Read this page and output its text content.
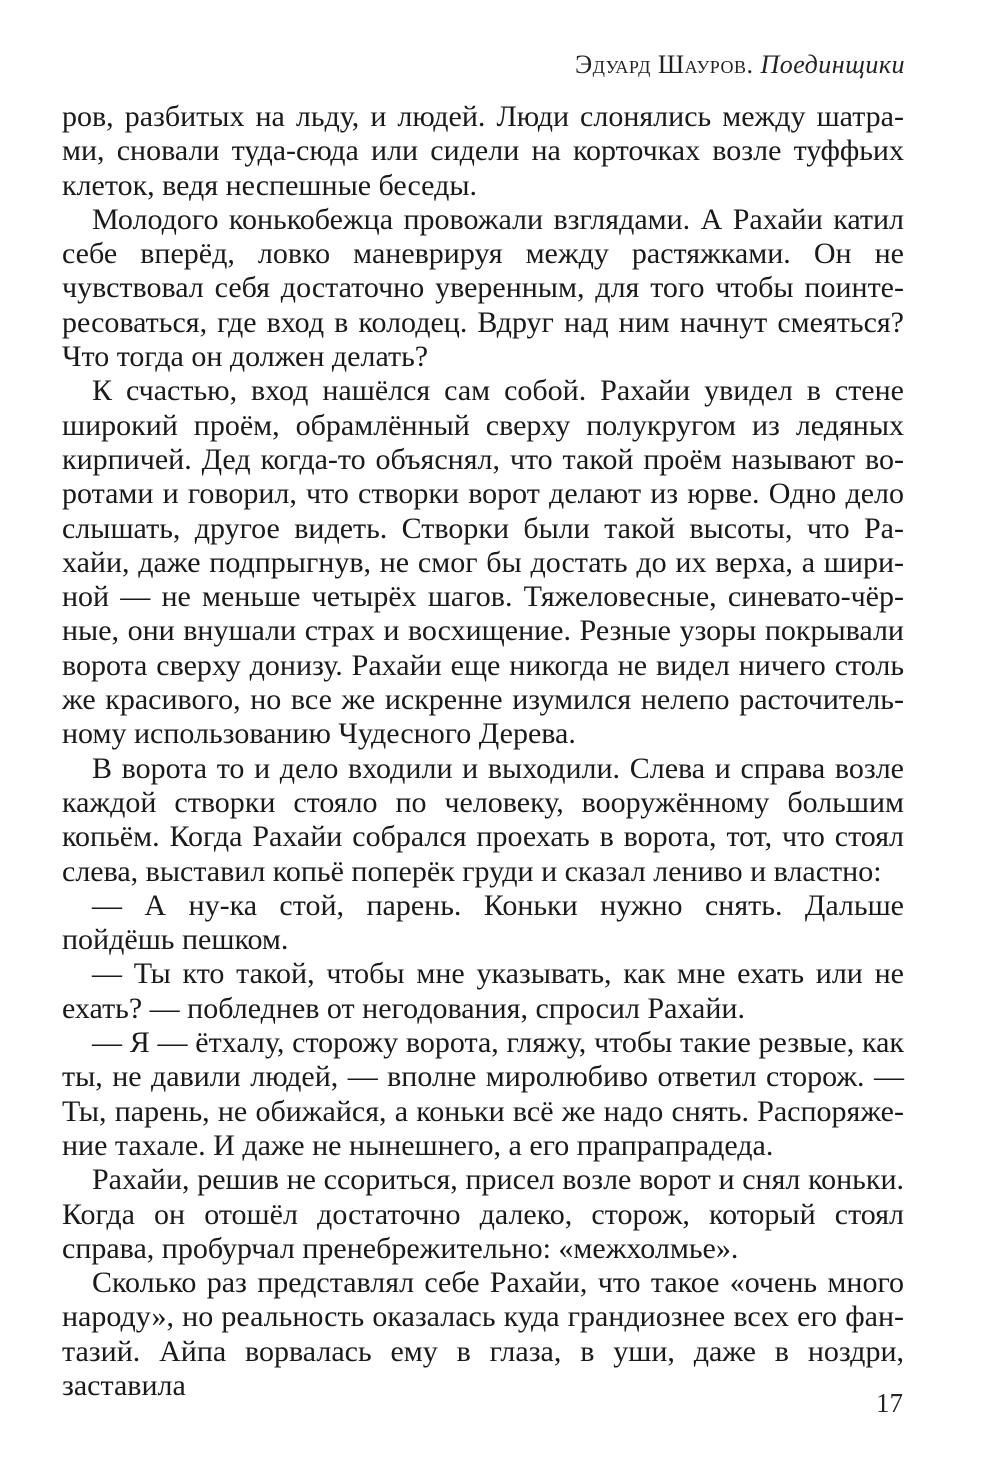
Эдуард Шауров. Поединщики

ров, разбитых на льду, и людей. Люди слонялись между шатрами, сновали туда-сюда или сидели на корточках возле туффьих клеток, ведя неспешные беседы.

Молодого конькобежца провожали взглядами. А Рахайи катил себе вперёд, ловко маневрируя между растяжками. Он не чувствовал себя достаточно уверенным, для того чтобы поинтересоваться, где вход в колодец. Вдруг над ним начнут смеяться? Что тогда он должен делать?

К счастью, вход нашёлся сам собой. Рахайи увидел в стене широкий проём, обрамлённый сверху полукругом из ледяных кирпичей. Дед когда-то объяснял, что такой проём называют воротами и говорил, что створки ворот делают из юрве. Одно дело слышать, другое видеть. Створки были такой высоты, что Рахайи, даже подпрыгнув, не смог бы достать до их верха, а шириной — не меньше четырёх шагов. Тяжеловесные, синевато-чёрные, они внушали страх и восхищение. Резные узоры покрывали ворота сверху донизу. Рахайи еще никогда не видел ничего столь же красивого, но все же искренне изумился нелепо расточительному использованию Чудесного Дерева.

В ворота то и дело входили и выходили. Слева и справа возле каждой створки стояло по человеку, вооружённому большим копьём. Когда Рахайи собрался проехать в ворота, тот, что стоял слева, выставил копьё поперёк груди и сказал лениво и властно:

— А ну-ка стой, парень. Коньки нужно снять. Дальше пойдёшь пешком.

— Ты кто такой, чтобы мне указывать, как мне ехать или не ехать? — побледнев от негодования, спросил Рахайи.

— Я — ётхалу, сторожу ворота, гляжу, чтобы такие резвые, как ты, не давили людей, — вполне миролюбиво ответил сторож. — Ты, парень, не обижайся, а коньки всё же надо снять. Распоряжение тахале. И даже не нынешнего, а его прапрапрадеда.

Рахайи, решив не ссориться, присел возле ворот и снял коньки. Когда он отошёл достаточно далеко, сторож, который стоял справа, пробурчал пренебрежительно: «межхолмье».

Сколько раз представлял себе Рахайи, что такое «очень много народу», но реальность оказалась куда грандиознее всех его фантазий. Айпа ворвалась ему в глаза, в уши, даже в ноздри, заставила

17
